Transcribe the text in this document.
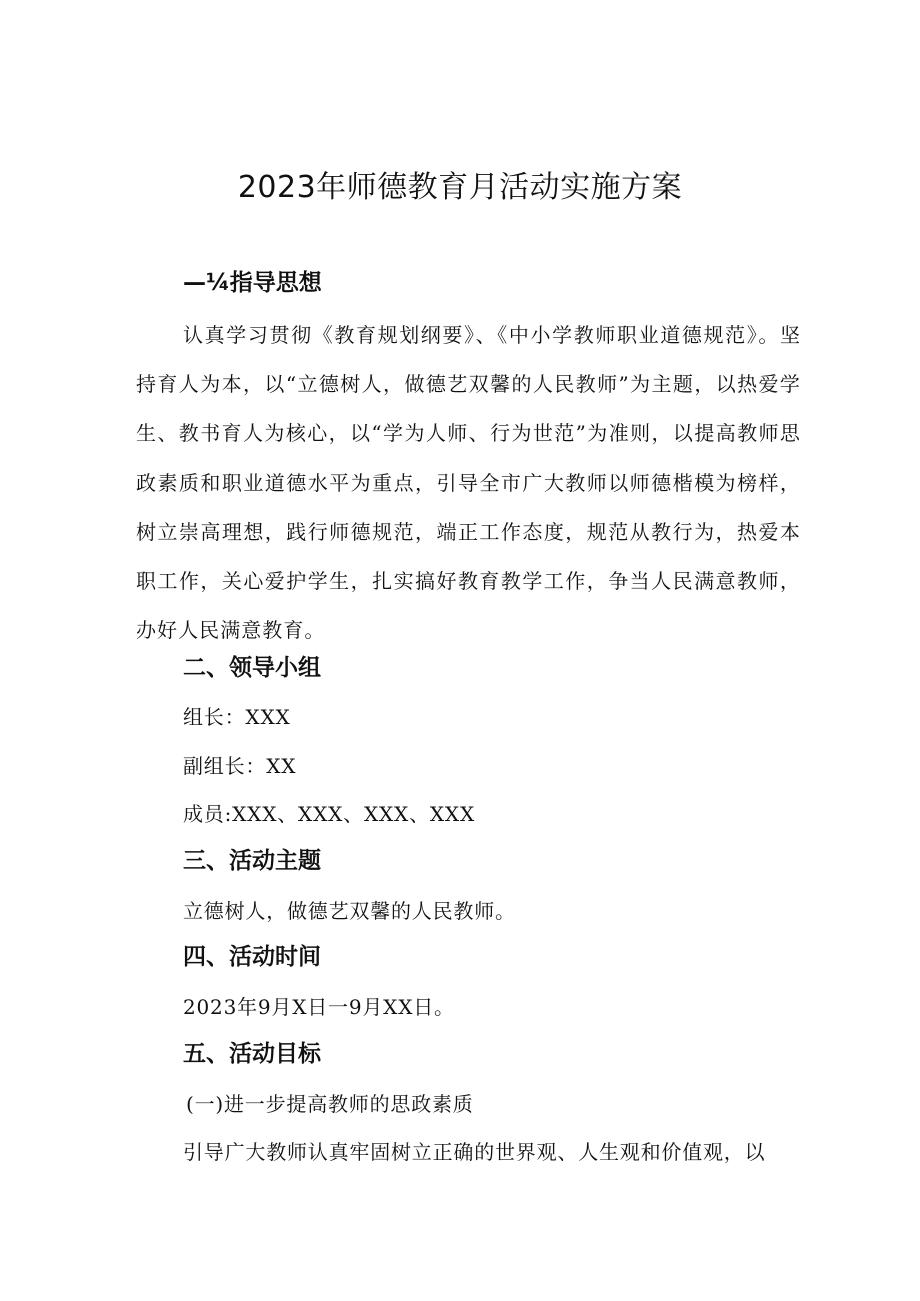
2023年师德教育月活动实施方案
—¼指导思想
认真学习贯彻《教育规划纲要》、《中小学教师职业道德规范》。坚持育人为本，以“立德树人，做德艺双馨的人民教师”为主题，以热爱学生、教书育人为核心，以“学为人师、行为世范”为准则，以提高教师思政素质和职业道德水平为重点，引导全市广大教师以师德楷模为榜样，树立崇高理想，践行师德规范，端正工作态度，规范从教行为，热爱本职工作，关心爱护学生，扎实搞好教育教学工作，争当人民满意教师，办好人民满意教育。
二、领导小组
组长：XXX
副组长：XX
成员:XXX、XXX、XXX、XXX
三、活动主题
立德树人，做德艺双馨的人民教师。
四、活动时间
2023年9月X日一9月XX日。
五、活动目标
(一)进一步提高教师的思政素质
引导广大教师认真牢固树立正确的世界观、人生观和价值观，以
